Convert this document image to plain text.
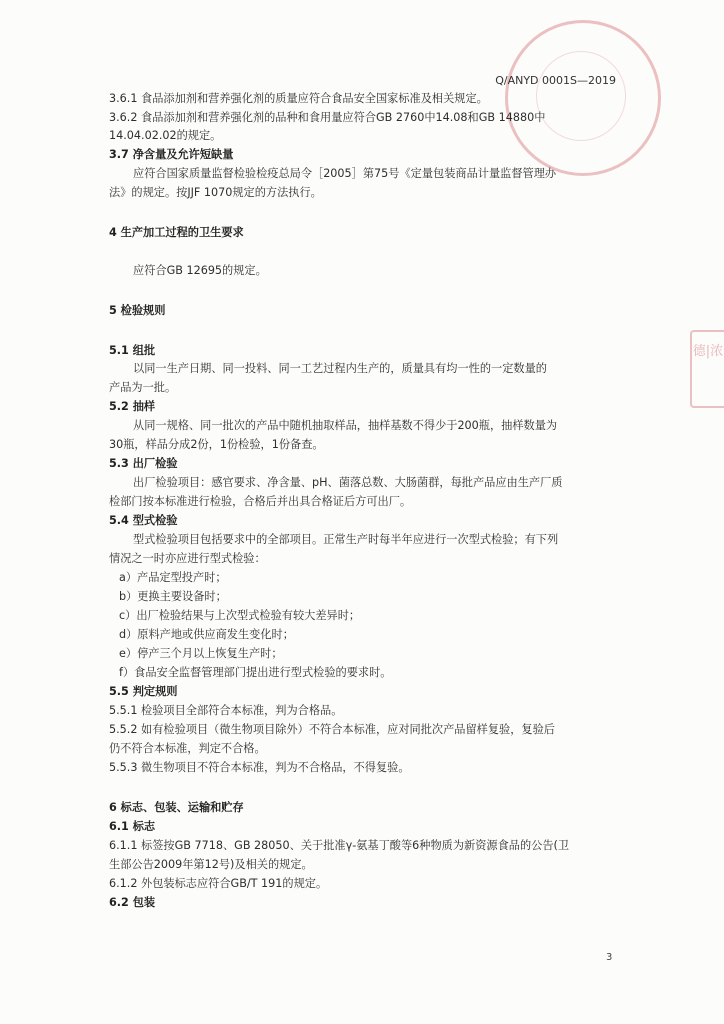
德|浓
Q/ANYD 0001S—2019
3.6.1 食品添加剂和营养强化剂的质量应符合食品安全国家标准及相关规定。
3.6.2 食品添加剂和营养强化剂的品种和食用量应符合GB 2760中14.08和GB 14880中
14.04.02.02的规定。
3.7 净含量及允许短缺量
应符合国家质量监督检验检疫总局令［2005］第75号《定量包装商品计量监督管理办
法》的规定。按JJF 1070规定的方法执行。
4 生产加工过程的卫生要求
应符合GB 12695的规定。
5 检验规则
5.1 组批
以同一生产日期、同一投料、同一工艺过程内生产的，质量具有均一性的一定数量的
产品为一批。
5.2 抽样
从同一规格、同一批次的产品中随机抽取样品，抽样基数不得少于200瓶，抽样数量为
30瓶，样品分成2份，1份检验，1份备查。
5.3 出厂检验
出厂检验项目：感官要求、净含量、pH、菌落总数、大肠菌群，每批产品应由生产厂质
检部门按本标准进行检验，合格后并出具合格证后方可出厂。
5.4 型式检验
型式检验项目包括要求中的全部项目。正常生产时每半年应进行一次型式检验；有下列
情况之一时亦应进行型式检验：
a）产品定型投产时；
b）更换主要设备时；
c）出厂检验结果与上次型式检验有较大差异时；
d）原料产地或供应商发生变化时；
e）停产三个月以上恢复生产时；
f）食品安全监督管理部门提出进行型式检验的要求时。
5.5 判定规则
5.5.1 检验项目全部符合本标准，判为合格品。
5.5.2 如有检验项目（微生物项目除外）不符合本标准，应对同批次产品留样复验，复验后
仍不符合本标准，判定不合格。
5.5.3 微生物项目不符合本标准，判为不合格品，不得复验。
6 标志、包装、运输和贮存
6.1 标志
6.1.1 标签按GB 7718、GB 28050、关于批准γ-氨基丁酸等6种物质为新资源食品的公告(卫
生部公告2009年第12号)及相关的规定。
6.1.2 外包装标志应符合GB/T 191的规定。
6.2 包装
3
